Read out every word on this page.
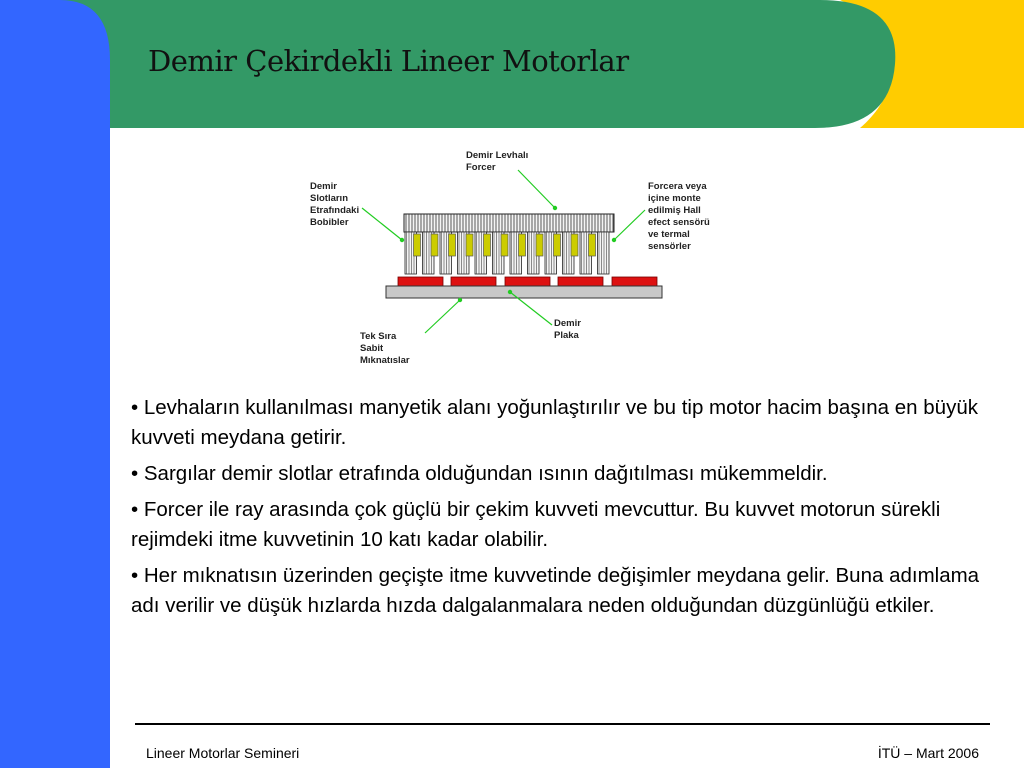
Demir Çekirdekli Lineer Motorlar
Demir Levhalı Forcer
Demir Slotların Etrafındaki Bobibler
Forcera veya içine monte edilmiş Hall efect sensörü ve termal sensörler
Tek Sıra Sabit Mıknatıslar
Demir Plaka
• Levhaların kullanılması manyetik alanı yoğunlaştırılır ve bu tip motor hacim başına en büyük kuvveti meydana getirir.
• Sargılar demir slotlar etrafında olduğundan ısının dağıtılması mükemmeldir.
• Forcer ile ray arasında çok güçlü bir çekim kuvveti mevcuttur. Bu kuvvet motorun sürekli rejimdeki itme kuvvetinin 10 katı kadar olabilir.
• Her mıknatısın üzerinden geçişte itme kuvvetinde değişimler meydana gelir. Buna adımlama adı verilir ve düşük hızlarda hızda dalgalanmalara neden olduğundan düzgünlüğü etkiler.
Lineer Motorlar Semineri	İTÜ – Mart 2006
